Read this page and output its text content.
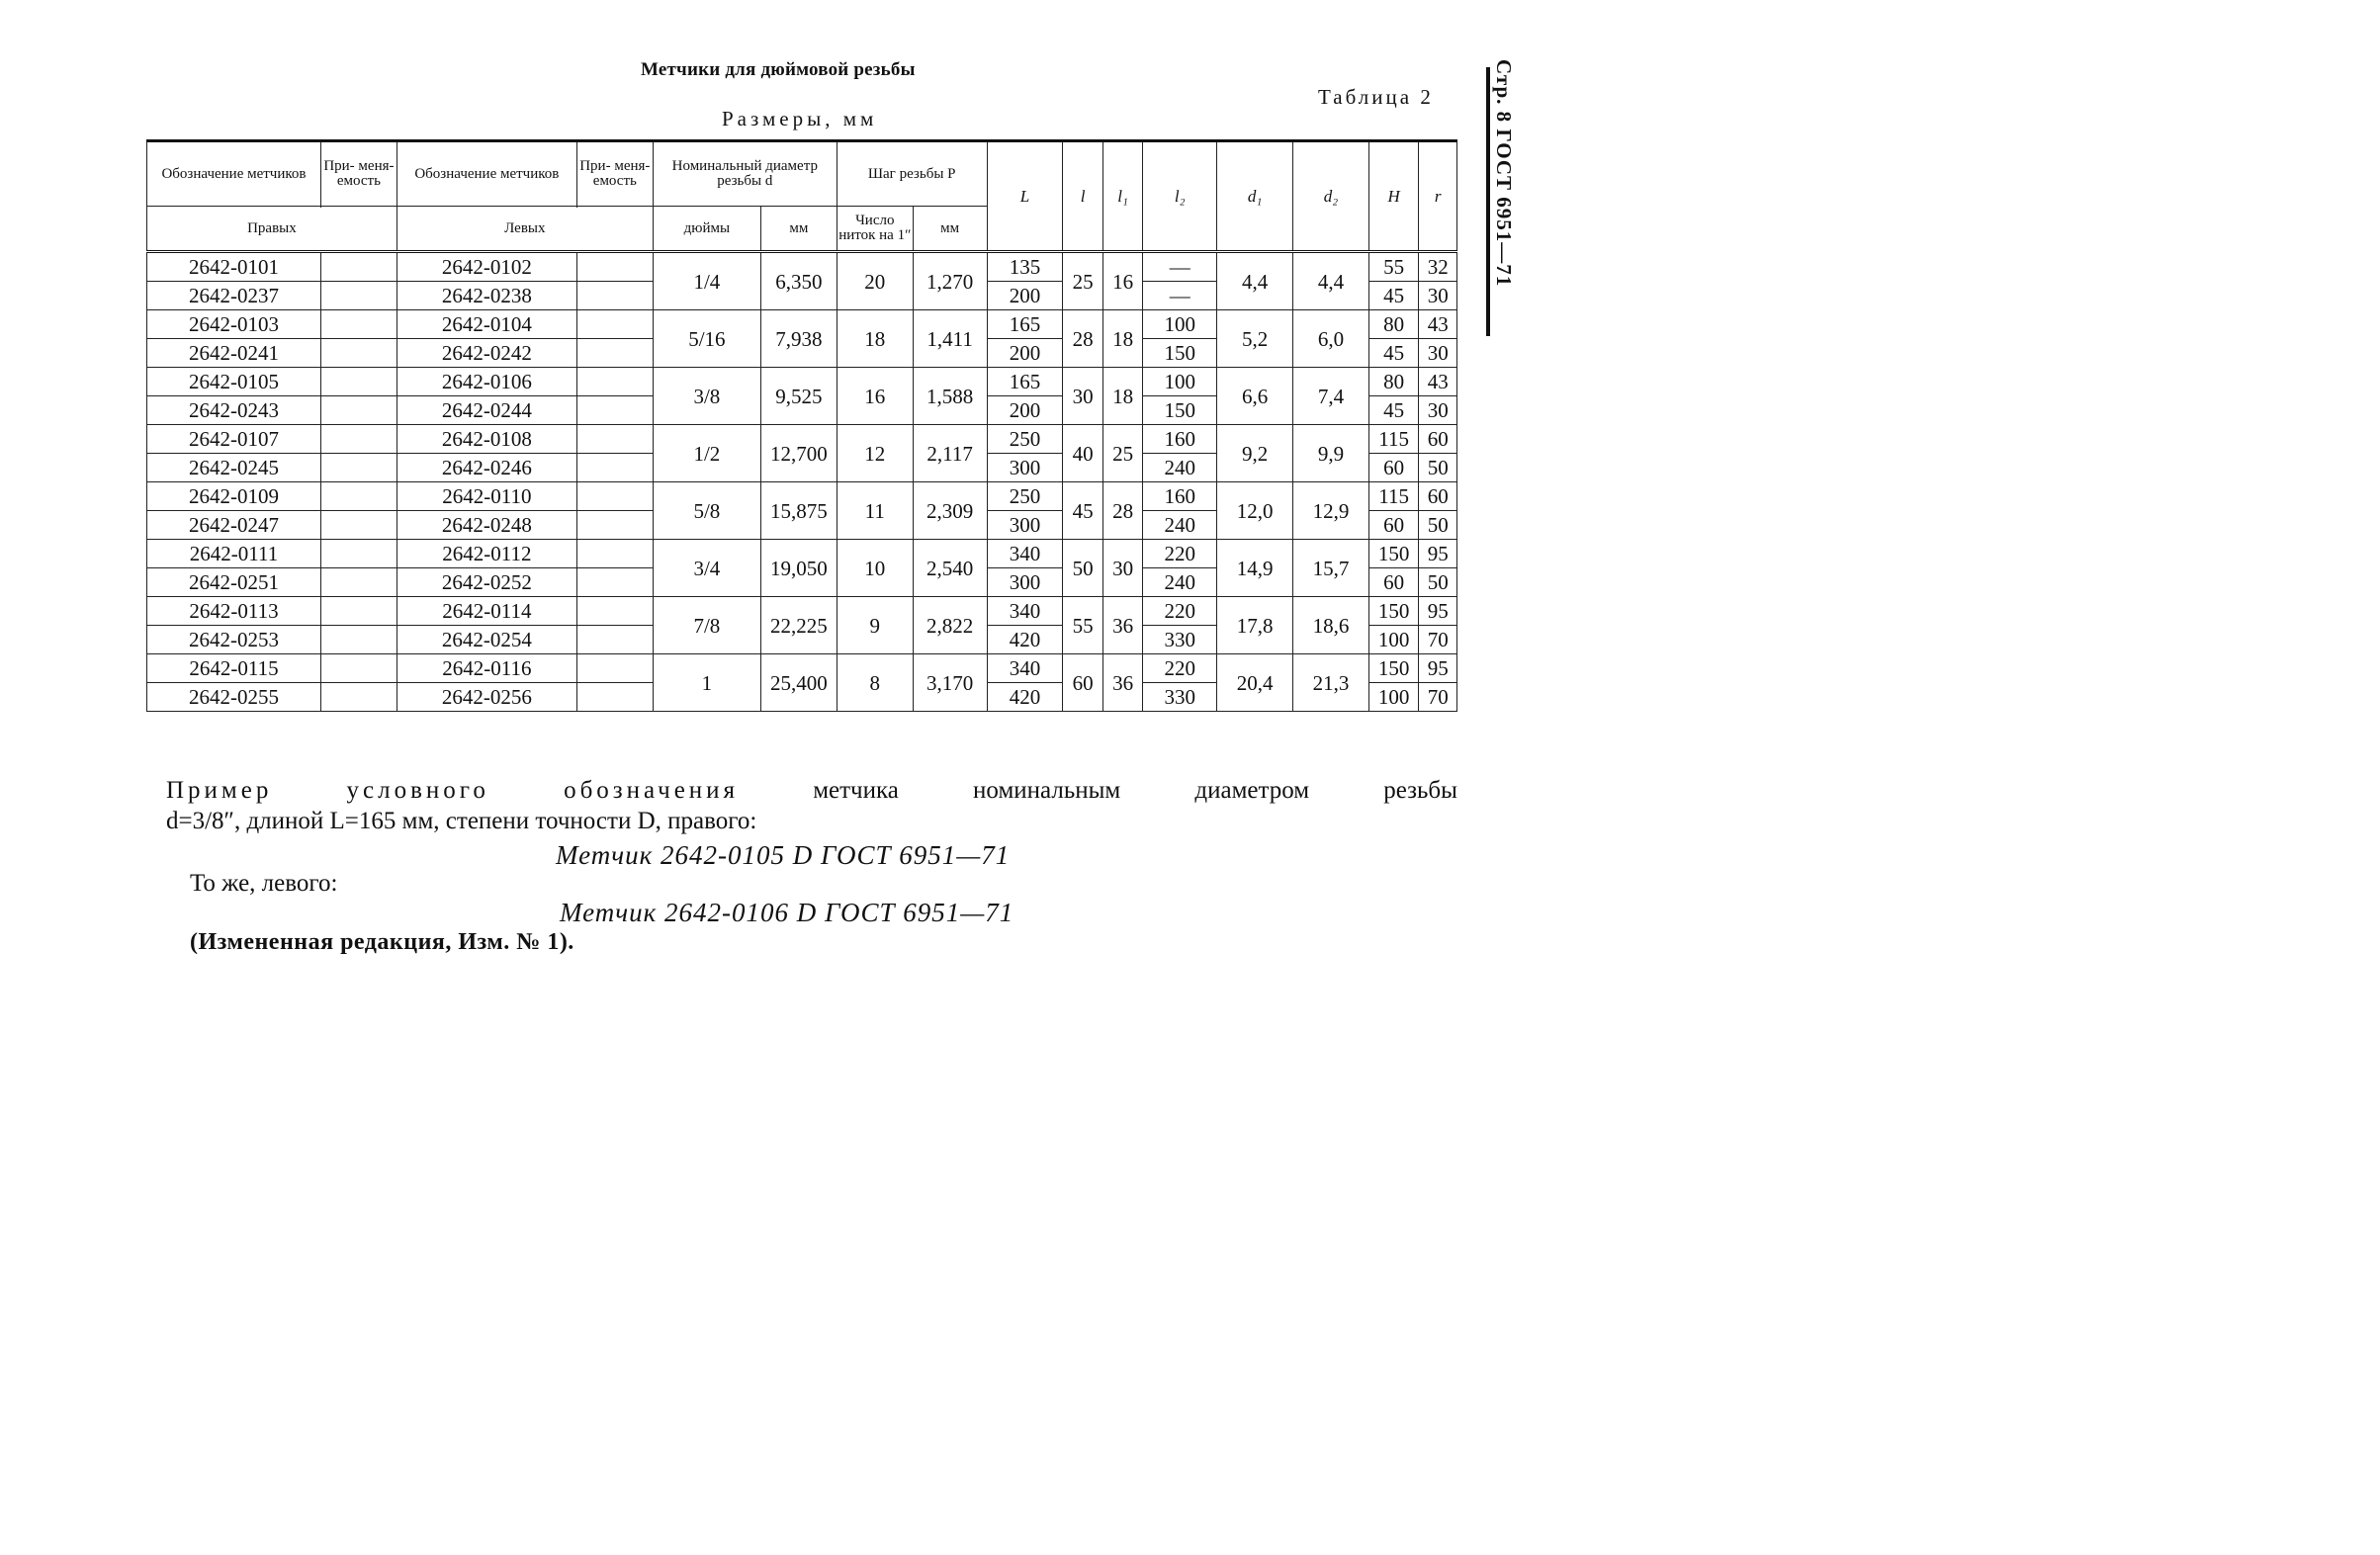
Метчики для дюймовой резьбы
Таблица 2
Размеры, мм	Стр. 8 ГОСТ 6951—71
Обозначение метчиков	При- меня- емость	Обозначение метчиков	При- меня- емость	Номинальный диаметр резьбы d		Шаг резьбы P		L	l	l₁	l₂	d₁	d₂	H	r
						Число ниток на 1″	мм								
Правых		Левых		дюймы	мм										
2642-0101		2642-0102		1/4	6,350	20	1,270	135	25	16	—	4,4	4,4	55	32
2642-0237		2642-0238						200			—			45	30
2642-0103		2642-0104		5/16	7,938	18	1,411	165	28	18	100	5,2	6,0	80	43
2642-0241		2642-0242						200			150			45	30
2642-0105		2642-0106		3/8	9,525	16	1,588	165	30	18	100	6,6	7,4	80	43
2642-0243		2642-0244						200			150			45	30
2642-0107		2642-0108		1/2	12,700	12	2,117	250	40	25	160	9,2	9,9	115	60
2642-0245		2642-0246						300			240			60	50
2642-0109		2642-0110		5/8	15,875	11	2,309	250	45	28	160	12,0	12,9	115	60
2642-0247		2642-0248						300			240			60	50
2642-0111		2642-0112		3/4	19,050	10	2,540	340	50	30	220	14,9	15,7	150	95
2642-0251		2642-0252						300			240			60	50
2642-0113		2642-0114		7/8	22,225	9	2,822	340	55	36	220	17,8	18,6	150	95
2642-0253		2642-0254						420			330			100	70
2642-0115		2642-0116		1	25,400	8	3,170	340	60	36	220	20,4	21,3	150	95
2642-0255		2642-0256						420			330			100	70
Пример	условного	обозначения	метчика	номинальным	диаметром	резьбы
d=3/8″, длиной L=165 мм, степени точности D, правого:
Метчик 2642-0105 D ГОСТ 6951—71
То же, левого:
Метчик 2642-0106 D ГОСТ 6951—71
(Измененная редакция, Изм. № 1).
